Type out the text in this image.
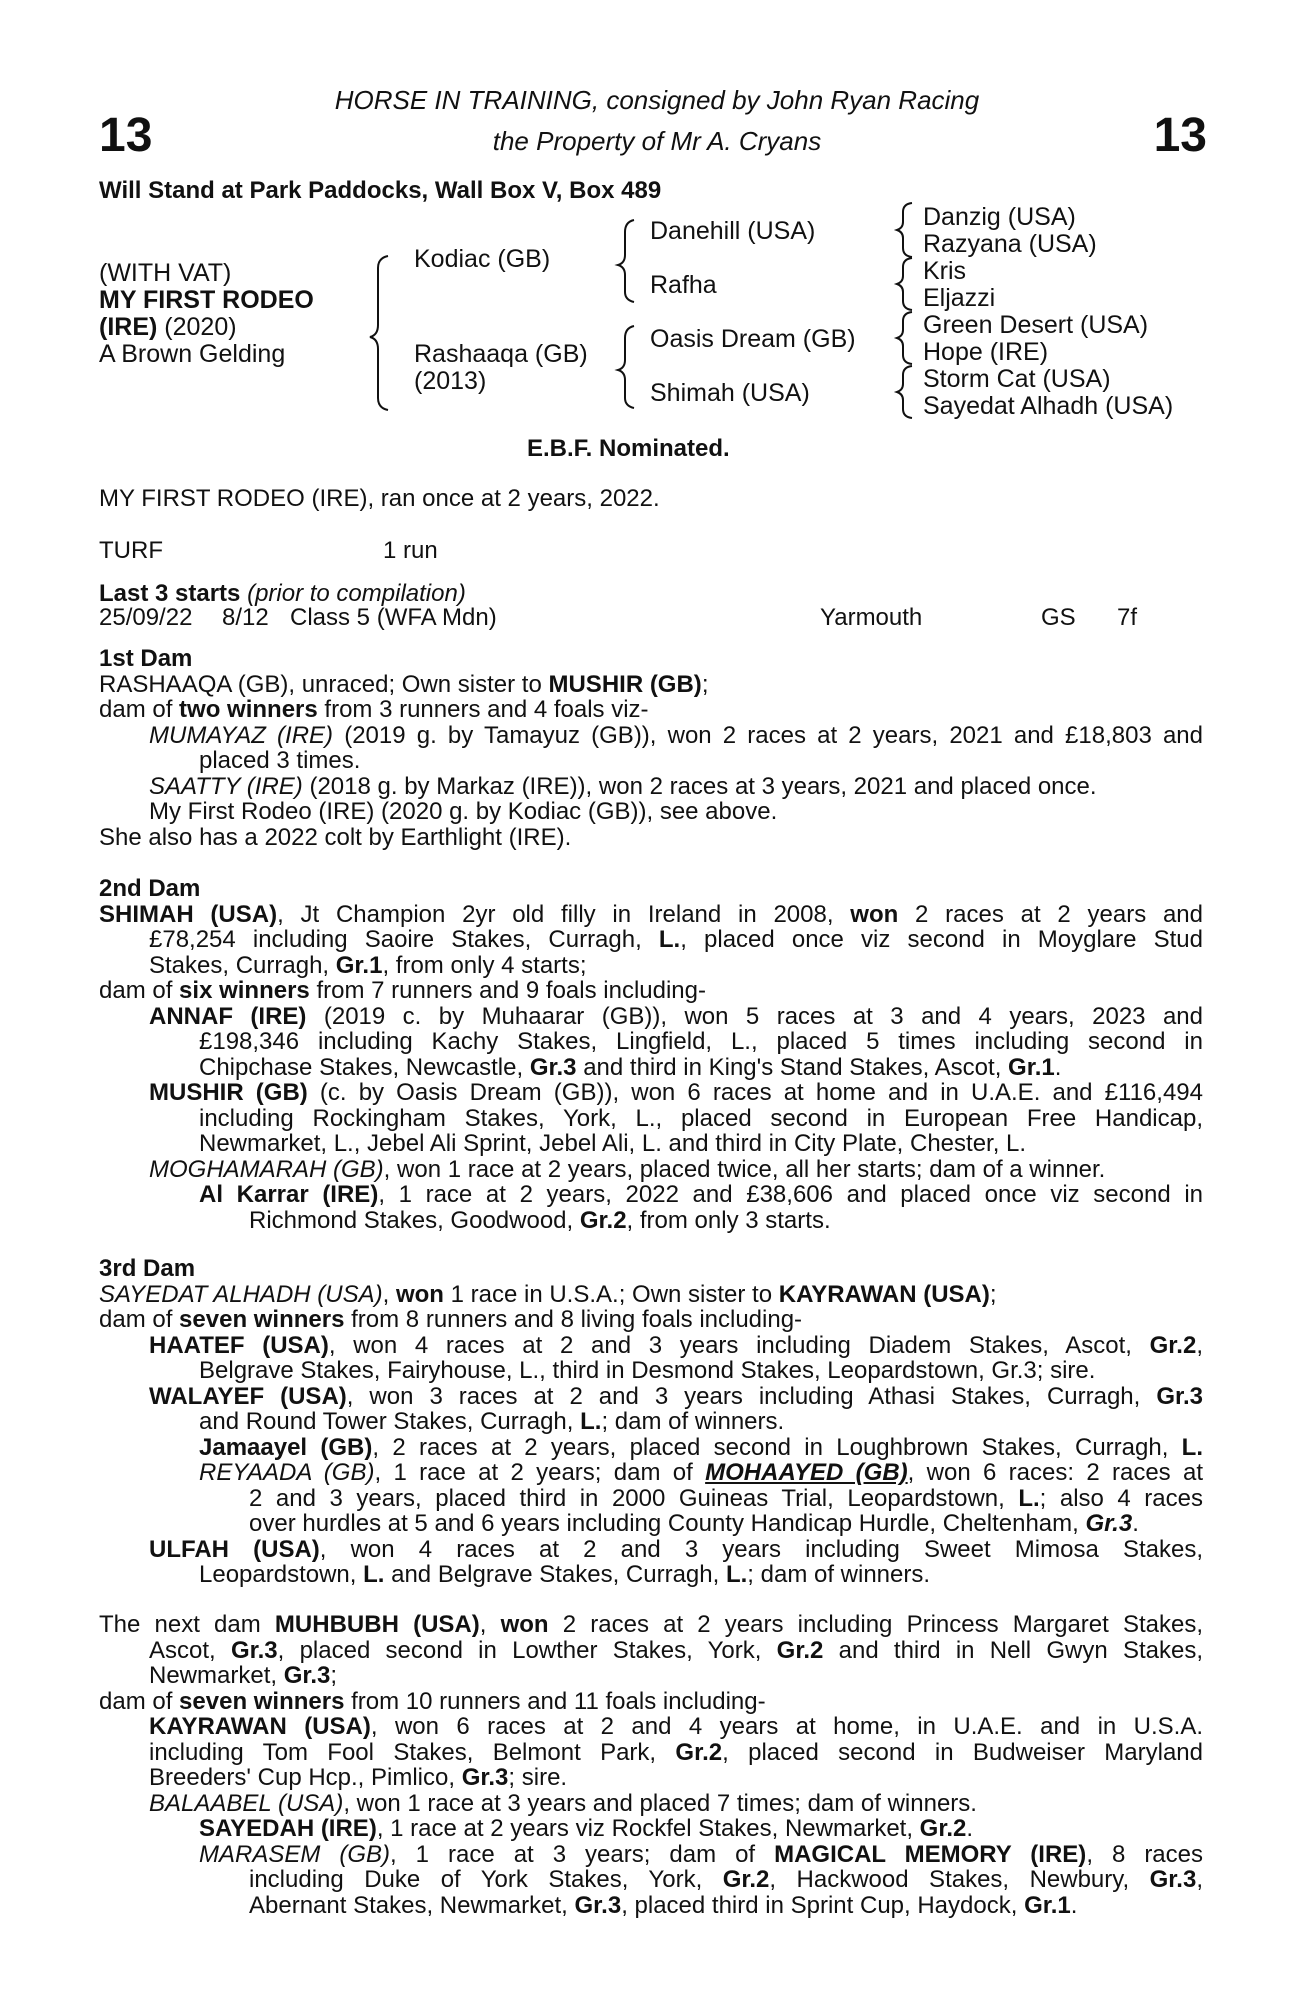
13	13
HORSE IN TRAINING, consigned by John Ryan Racing
the Property of Mr A. Cryans
Will Stand at Park Paddocks, Wall Box V, Box 489
(WITH VAT)
MY FIRST RODEO
(IRE) (2020)
A Brown Gelding
Kodiac (GB)
Rashaaqa (GB)
(2013)
Danehill (USA)
Rafha
Oasis Dream (GB)
Shimah (USA)
Danzig (USA)
Razyana (USA)
Kris
Eljazzi
Green Desert (USA)
Hope (IRE)
Storm Cat (USA)
Sayedat Alhadh (USA)
E.B.F. Nominated.
MY FIRST RODEO (IRE), ran once at 2 years, 2022.
TURF	1 run
Last 3 starts (prior to compilation)
25/09/22 8/12 Class 5 (WFA Mdn)	Yarmouth	GS 7f
1st Dam
RASHAAQA (GB), unraced; Own sister to MUSHIR (GB);
dam of two winners from 3 runners and 4 foals viz-
MUMAYAZ (IRE) (2019 g. by Tamayuz (GB)), won 2 races at 2 years, 2021 and £18,803 and
placed 3 times.
SAATTY (IRE) (2018 g. by Markaz (IRE)), won 2 races at 3 years, 2021 and placed once.
My First Rodeo (IRE) (2020 g. by Kodiac (GB)), see above.
She also has a 2022 colt by Earthlight (IRE).
2nd Dam
SHIMAH (USA), Jt Champion 2yr old filly in Ireland in 2008, won 2 races at 2 years and
£78,254 including Saoire Stakes, Curragh, L., placed once viz second in Moyglare Stud
Stakes, Curragh, Gr.1, from only 4 starts;
dam of six winners from 7 runners and 9 foals including-
ANNAF (IRE) (2019 c. by Muhaarar (GB)), won 5 races at 3 and 4 years, 2023 and
£198,346 including Kachy Stakes, Lingfield, L., placed 5 times including second in
Chipchase Stakes, Newcastle, Gr.3 and third in King's Stand Stakes, Ascot, Gr.1.
MUSHIR (GB) (c. by Oasis Dream (GB)), won 6 races at home and in U.A.E. and £116,494
including Rockingham Stakes, York, L., placed second in European Free Handicap,
Newmarket, L., Jebel Ali Sprint, Jebel Ali, L. and third in City Plate, Chester, L.
MOGHAMARAH (GB), won 1 race at 2 years, placed twice, all her starts; dam of a winner.
Al Karrar (IRE), 1 race at 2 years, 2022 and £38,606 and placed once viz second in
Richmond Stakes, Goodwood, Gr.2, from only 3 starts.
3rd Dam
SAYEDAT ALHADH (USA), won 1 race in U.S.A.; Own sister to KAYRAWAN (USA);
dam of seven winners from 8 runners and 8 living foals including-
HAATEF (USA), won 4 races at 2 and 3 years including Diadem Stakes, Ascot, Gr.2,
Belgrave Stakes, Fairyhouse, L., third in Desmond Stakes, Leopardstown, Gr.3; sire.
WALAYEF (USA), won 3 races at 2 and 3 years including Athasi Stakes, Curragh, Gr.3
and Round Tower Stakes, Curragh, L.; dam of winners.
Jamaayel (GB), 2 races at 2 years, placed second in Loughbrown Stakes, Curragh, L.
REYAADA (GB), 1 race at 2 years; dam of MOHAAYED (GB), won 6 races: 2 races at
2 and 3 years, placed third in 2000 Guineas Trial, Leopardstown, L.; also 4 races
over hurdles at 5 and 6 years including County Handicap Hurdle, Cheltenham, Gr.3.
ULFAH (USA), won 4 races at 2 and 3 years including Sweet Mimosa Stakes,
Leopardstown, L. and Belgrave Stakes, Curragh, L.; dam of winners.
The next dam MUHBUBH (USA), won 2 races at 2 years including Princess Margaret Stakes,
Ascot, Gr.3, placed second in Lowther Stakes, York, Gr.2 and third in Nell Gwyn Stakes,
Newmarket, Gr.3;
dam of seven winners from 10 runners and 11 foals including-
KAYRAWAN (USA), won 6 races at 2 and 4 years at home, in U.A.E. and in U.S.A.
including Tom Fool Stakes, Belmont Park, Gr.2, placed second in Budweiser Maryland
Breeders' Cup Hcp., Pimlico, Gr.3; sire.
BALAABEL (USA), won 1 race at 3 years and placed 7 times; dam of winners.
SAYEDAH (IRE), 1 race at 2 years viz Rockfel Stakes, Newmarket, Gr.2.
MARASEM (GB), 1 race at 3 years; dam of MAGICAL MEMORY (IRE), 8 races
including Duke of York Stakes, York, Gr.2, Hackwood Stakes, Newbury, Gr.3,
Abernant Stakes, Newmarket, Gr.3, placed third in Sprint Cup, Haydock, Gr.1.
